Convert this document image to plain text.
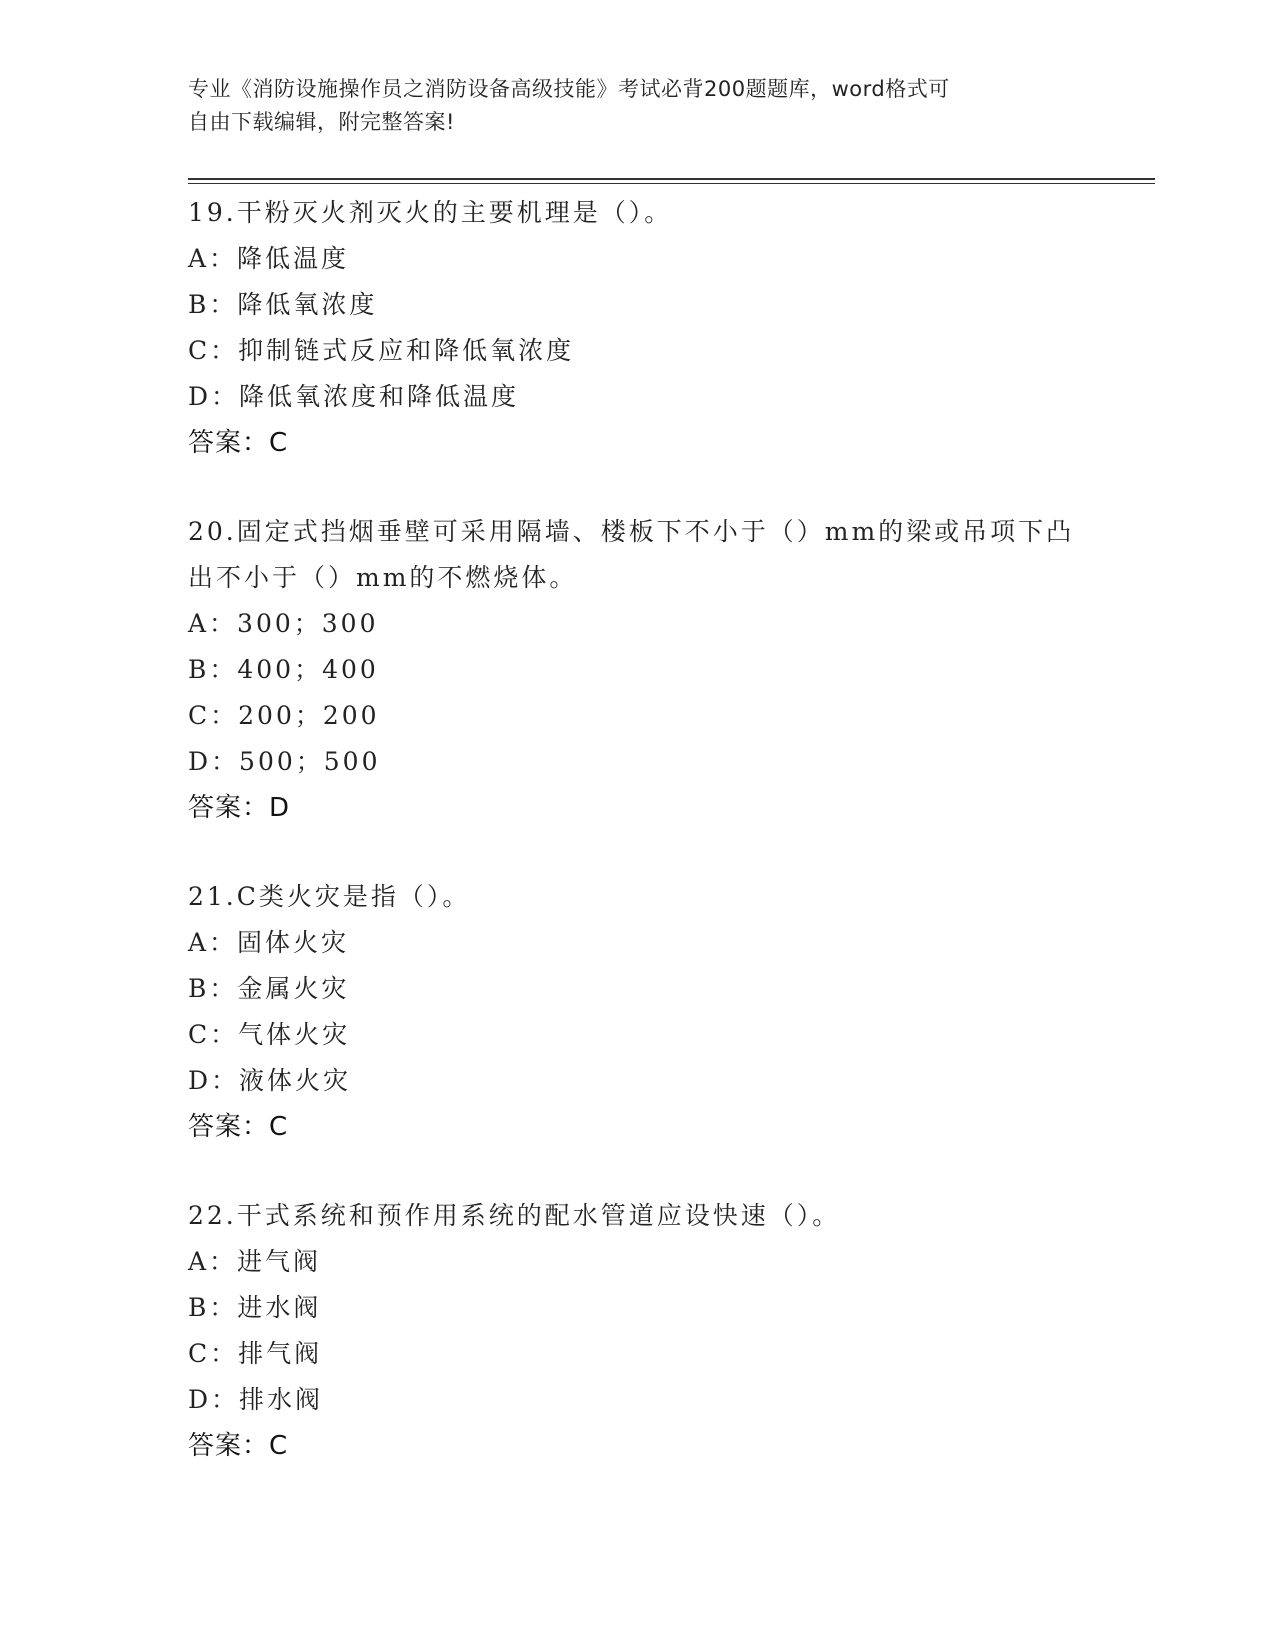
专业《消防设施操作员之消防设备高级技能》考试必背200题题库，word格式可
自由下载编辑，附完整答案!
19.干粉灭火剂灭火的主要机理是（）。
A：降低温度
B：降低氧浓度
C：抑制链式反应和降低氧浓度
D：降低氧浓度和降低温度
答案：C
20.固定式挡烟垂壁可采用隔墙、楼板下不小于（）mm的梁或吊项下凸
出不小于（）mm的不燃烧体。
A：300；300
B：400；400
C：200；200
D：500；500
答案：D
21.C类火灾是指（）。
A：固体火灾
B：金属火灾
C：气体火灾
D：液体火灾
答案：C
22.干式系统和预作用系统的配水管道应设快速（）。
A：进气阀
B：进水阀
C：排气阀
D：排水阀
答案：C
